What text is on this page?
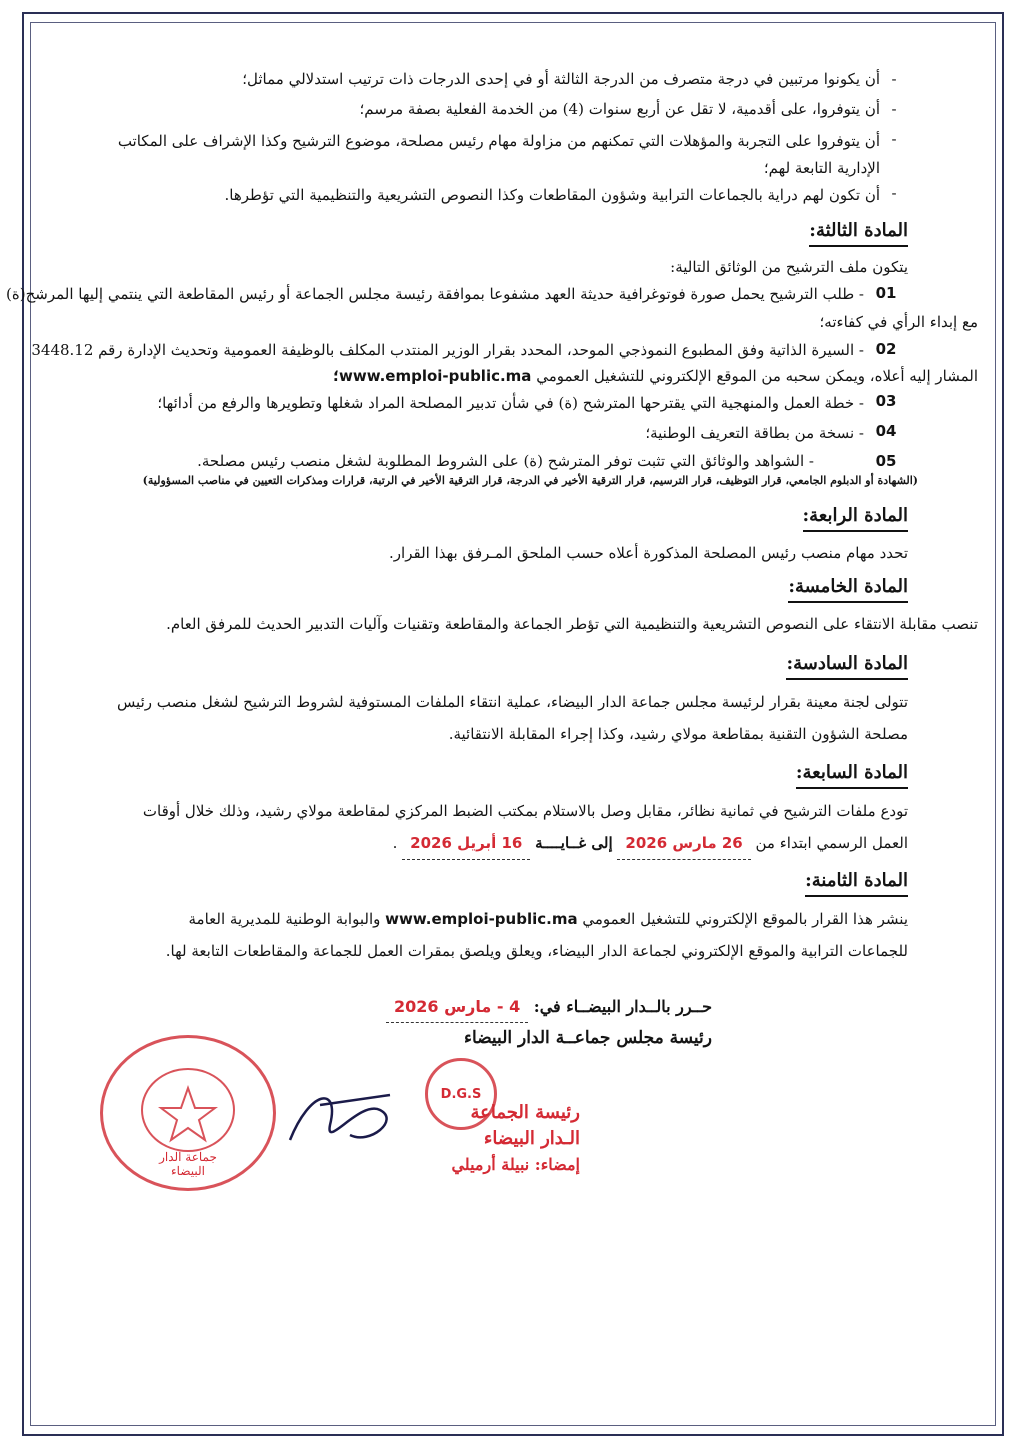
-
أن يكونوا مرتبين في درجة متصرف من الدرجة الثالثة أو في إحدى الدرجات ذات ترتيب استدلالي مماثل؛
-
أن يتوفروا، على أقدمية، لا تقل عن أربع سنوات (4) من الخدمة الفعلية بصفة مرسم؛
-
أن يتوفروا على التجربة والمؤهلات التي تمكنهم من مزاولة مهام رئيس مصلحة، موضوع الترشيح وكذا الإشراف على المكاتب
الإدارية التابعة لهم؛
-
أن تكون لهم دراية بالجماعات الترابية وشؤون المقاطعات وكذا النصوص التشريعية والتنظيمية التي تؤطرها.
المادة الثالثة:
يتكون ملف الترشيح من الوثائق التالية:
01
- طلب الترشيح يحمل صورة فوتوغرافية حديثة العهد مشفوعا بموافقة رئيسة مجلس الجماعة أو رئيس المقاطعة التي ينتمي إليها المرشح(ة)
مع إبداء الرأي في كفاءته؛
02
- السيرة الذاتية وفق المطبوع النموذجي الموحد، المحدد بقرار الوزير المنتدب المكلف بالوظيفة العمومية وتحديث الإدارة رقم 3448.12
المشار إليه أعلاه، ويمكن سحبه من الموقع الإلكتروني للتشغيل العمومي www.emploi-public.ma؛
03
- خطة العمل والمنهجية التي يقترحها المترشح (ة) في شأن تدبير المصلحة المراد شغلها وتطويرها والرفع من أدائها؛
04
- نسخة من بطاقة التعريف الوطنية؛
05
- الشواهد والوثائق التي تثبت توفر المترشح (ة) على الشروط المطلوبة لشغل منصب رئيس مصلحة.
(الشهادة أو الدبلوم الجامعي، قرار التوظيف، قرار الترسيم، قرار الترقية الأخير في الدرجة، قرار الترقية الأخير في الرتبة، قرارات ومذكرات التعيين في مناصب المسؤولية)
المادة الرابعة:
تحدد مهام منصب رئيس المصلحة المذكورة أعلاه حسب الملحق المـرفق بهذا القرار.
المادة الخامسة:
تنصب مقابلة الانتقاء على النصوص التشريعية والتنظيمية التي تؤطر الجماعة والمقاطعة وتقنيات وآليات التدبير الحديث للمرفق العام.
المادة السادسة:
تتولى لجنة معينة بقرار لرئيسة مجلس جماعة الدار البيضاء، عملية انتقاء الملفات المستوفية لشروط الترشيح لشغل منصب رئيس
مصلحة الشؤون التقنية بمقاطعة مولاي رشيد، وكذا إجراء المقابلة الانتقائية.
المادة السابعة:
تودع ملفات الترشيح في ثمانية نظائر، مقابل وصل بالاستلام بمكتب الضبط المركزي لمقاطعة مولاي رشيد، وذلك خلال أوقات
العمل الرسمي ابتداء من 26 مارس 2026 إلى غــايــــة 16 أبريل 2026 .
المادة الثامنة:
ينشر هذا القرار بالموقع الإلكتروني للتشغيل العمومي www.emploi-public.ma والبوابة الوطنية للمديرية العامة
للجماعات الترابية والموقع الإلكتروني لجماعة الدار البيضاء، ويعلق ويلصق بمقرات العمل للجماعة والمقاطعات التابعة لها.
حــرر بالــدار البيضــاء في: 4 - مارس 2026
رئيسة مجلس جماعــة الدار البيضاء
جماعة الدار البيضاء
D.G.S
رئيسة الجماعة
الـدار البيضاء
إمضاء: نبيلة أرميلي
